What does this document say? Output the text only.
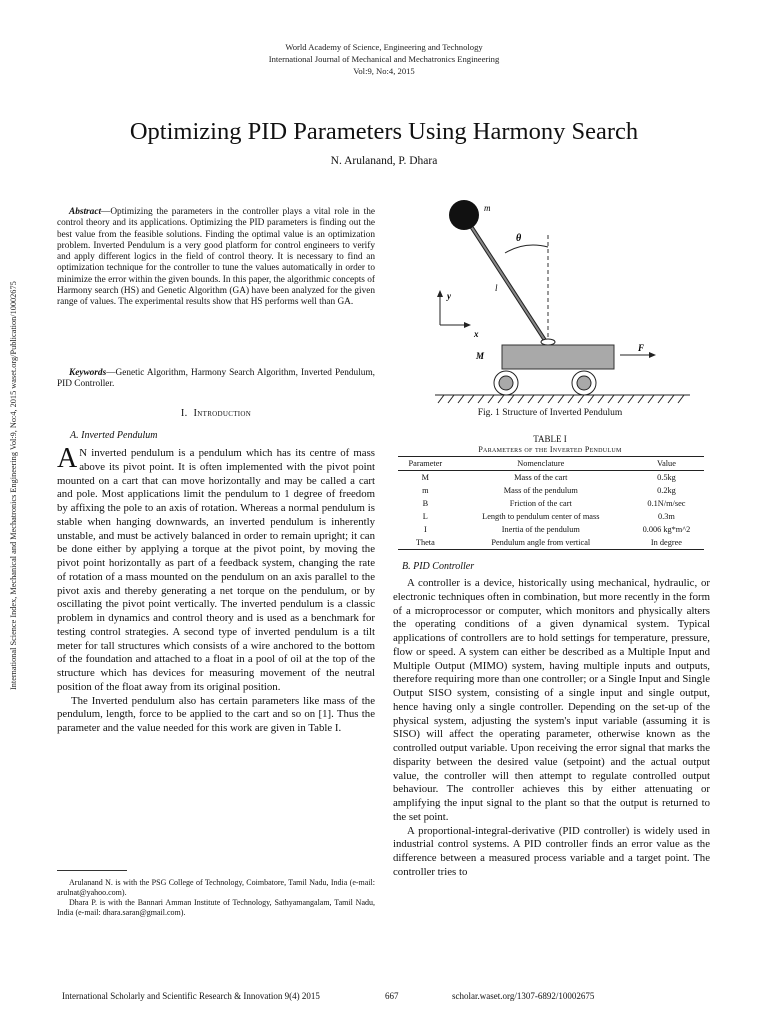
World Academy of Science, Engineering and Technology
International Journal of Mechanical and Mechatronics Engineering
Vol:9, No:4, 2015
Optimizing PID Parameters Using Harmony Search
N. Arulanand, P. Dhara
International Science Index, Mechanical and Mechatronics Engineering Vol:9, No:4, 2015 waset.org/Publication/10002675
Abstract—Optimizing the parameters in the controller plays a vital role in the control theory and its applications. Optimizing the PID parameters is finding out the best value from the feasible solutions. Finding the optimal value is an optimization problem. Inverted Pendulum is a very good platform for control engineers to verify and apply different logics in the field of control theory. It is necessary to find an optimization technique for the controller to tune the values automatically in order to minimize the error within the given bounds. In this paper, the algorithmic concepts of Harmony search (HS) and Genetic Algorithm (GA) have been analyzed for the given range of values. The experimental results show that HS performs well than GA.
Keywords—Genetic Algorithm, Harmony Search Algorithm, Inverted Pendulum, PID Controller.
I. Introduction
A. Inverted Pendulum

A N inverted pendulum is a pendulum which has its centre of mass above its pivot point. It is often implemented with the pivot point mounted on a cart that can move horizontally and may be called a cart and pole. Most applications limit the pendulum to 1 degree of freedom by affixing the pole to an axis of rotation. Whereas a normal pendulum is stable when hanging downwards, an inverted pendulum is inherently unstable, and must be actively balanced in order to remain upright; it can be done either by applying a torque at the pivot point, by moving the pivot point horizontally as part of a feedback system, changing the rate of rotation of a mass mounted on the pendulum on an axis parallel to the pivot axis and thereby generating a net torque on the pendulum, or by oscillating the pivot point vertically. The inverted pendulum is a classic problem in dynamics and control theory and is used as a benchmark for testing control strategies. A second type of inverted pendulum is a tilt meter for tall structures which consists of a wire anchored to the bottom of the foundation and attached to a float in a pool of oil at the top of the structure which has devices for measuring movement of the neutral position of the float away from its original position.

The Inverted pendulum also has certain parameters like mass of the pendulum, length, force to be applied to the cart and so on [1]. Thus the parameter and the value needed for this work are given in Table I.

Arulanand N. is with the PSG College of Technology, Coimbatore, Tamil Nadu, India (e-mail: arulnat@yahoo.com).

Dhara P. is with the Bannari Amman Institute of Technology, Sathyamangalam, Tamil Nadu, India (e-mail: dhara.saran@gmail.com).

m
θ
l
y
x
M
F
Fig. 1 Structure of Inverted Pendulum
TABLE I
Parameters of the Inverted Pendulum
Parameter	Nomenclature	Value
M	Mass of the cart	0.5kg
m	Mass of the pendulum	0.2kg
B	Friction of the cart	0.1N/m/sec
L	Length to pendulum center of mass	0.3m
I	Inertia of the pendulum	0.006 kg*m^2
Theta	Pendulum angle from vertical	In degree
B. PID Controller

A controller is a device, historically using mechanical, hydraulic, or electronic techniques often in combination, but more recently in the form of a microprocessor or computer, which monitors and physically alters the operating conditions of a given dynamical system. Typical applications of controllers are to hold settings for temperature, pressure, flow or speed. A system can either be described as a Multiple Input and Multiple Output (MIMO) system, having multiple inputs and outputs, therefore requiring more than one controller; or a Single Input and Single Output SISO system, consisting of a single input and single output, hence having only a single controller. Depending on the set-up of the physical system, adjusting the system's input variable (assuming it is SISO) will affect the operating parameter, otherwise known as the controlled output variable. Upon receiving the error signal that marks the disparity between the desired value (setpoint) and the actual output value, the controller will then attempt to regulate controlled output behaviour. The controller achieves this by either attenuating or amplifying the input signal to the plant so that the output is returned to the set point.

A proportional-integral-derivative (PID controller) is widely used in industrial control systems. A PID controller finds an error value as the difference between a measured process variable and a target point. The controller tries to

International Scholarly and Scientific Research & Innovation 9(4) 2015	667	scholar.waset.org/1307-6892/10002675
